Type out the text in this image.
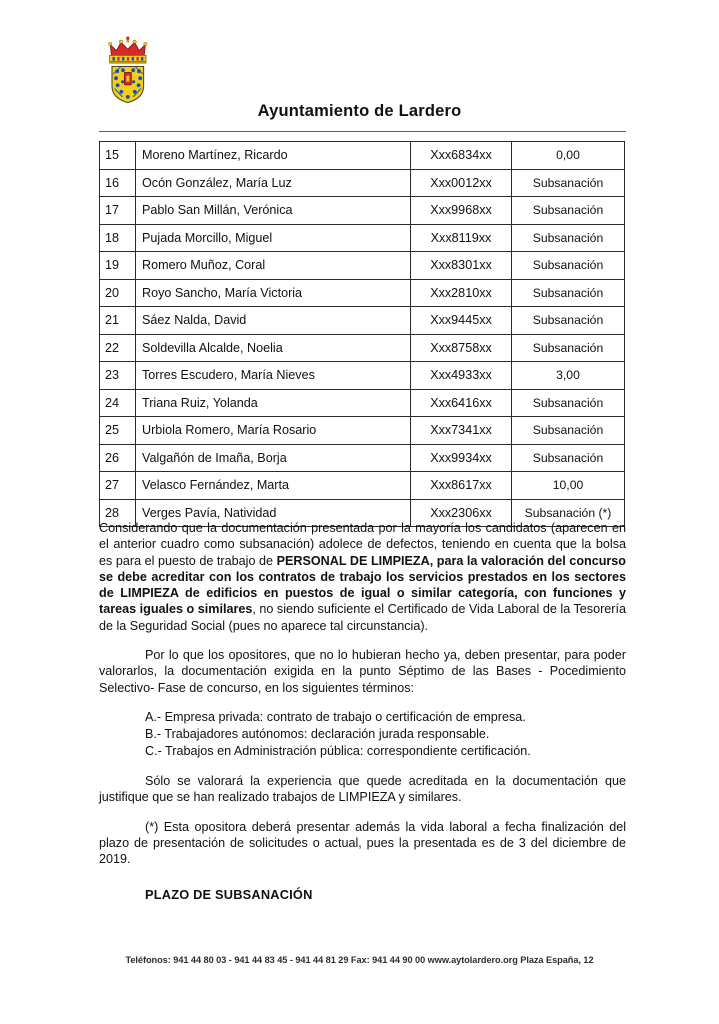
Ayuntamiento de Lardero
15	Moreno Martínez, Ricardo	Xxx6834xx	0,00
16	Ocón González, María Luz	Xxx0012xx	Subsanación
17	Pablo San Millán, Verónica	Xxx9968xx	Subsanación
18	Pujada Morcillo, Miguel	Xxx8119xx	Subsanación
19	Romero Muñoz, Coral	Xxx8301xx	Subsanación
20	Royo Sancho, María Victoria	Xxx2810xx	Subsanación
21	Sáez Nalda, David	Xxx9445xx	Subsanación
22	Soldevilla Alcalde, Noelia	Xxx8758xx	Subsanación
23	Torres Escudero, María Nieves	Xxx4933xx	3,00
24	Triana Ruiz, Yolanda	Xxx6416xx	Subsanación
25	Urbiola Romero, María Rosario	Xxx7341xx	Subsanación
26	Valgañón de Imaña, Borja	Xxx9934xx	Subsanación
27	Velasco Fernández, Marta	Xxx8617xx	10,00
28	Verges Pavía, Natividad	Xxx2306xx	Subsanación (*)

Considerando que la documentación presentada por la mayoría los candidatos (aparecen en el anterior cuadro como subsanación) adolece de defectos, teniendo en cuenta que la bolsa es para el puesto de trabajo de PERSONAL DE LIMPIEZA, para la valoración del concurso se debe acreditar con los contratos de trabajo los servicios prestados en los sectores de LIMPIEZA de edificios en puestos de igual o similar categoría, con funciones y tareas iguales o similares, no siendo suficiente el Certificado de Vida Laboral de la Tesorería de la Seguridad Social (pues no aparece tal circunstancia).

Por lo que los opositores, que no lo hubieran hecho ya, deben presentar, para poder valorarlos, la documentación exigida en la punto Séptimo de las Bases - Pocedimiento Selectivo- Fase de concurso, en los siguientes términos:

A.- Empresa privada: contrato de trabajo o certificación de empresa.
B.- Trabajadores autónomos: declaración jurada responsable.
C.- Trabajos en Administración pública: correspondiente certificación.

Sólo se valorará la experiencia que quede acreditada en la documentación que justifique que se han realizado trabajos de LIMPIEZA y similares.

(*) Esta opositora deberá presentar además la vida laboral a fecha finalización del plazo de presentación de solicitudes o actual, pues la presentada es de 3 del diciembre de 2019.

PLAZO DE SUBSANACIÓN

Teléfonos: 941 44 80 03 - 941 44 83 45 - 941 44 81 29 Fax: 941 44 90 00 www.aytolardero.org Plaza España, 12
